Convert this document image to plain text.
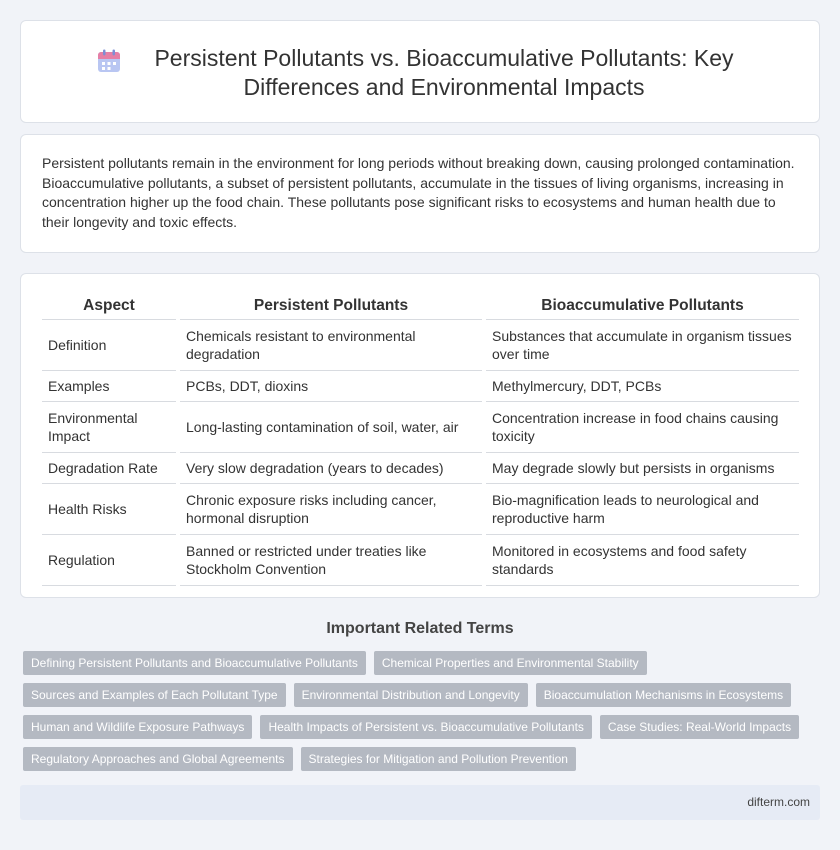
Persistent Pollutants vs. Bioaccumulative Pollutants: Key Differences and Environmental Impacts

Persistent pollutants remain in the environment for long periods without breaking down, causing prolonged contamination. Bioaccumulative pollutants, a subset of persistent pollutants, accumulate in the tissues of living organisms, increasing in concentration higher up the food chain. These pollutants pose significant risks to ecosystems and human health due to their longevity and toxic effects.

Aspect	Persistent Pollutants	Bioaccumulative Pollutants
Definition	Chemicals resistant to environmental degradation	Substances that accumulate in organism tissues over time
Examples	PCBs, DDT, dioxins	Methylmercury, DDT, PCBs
Environmental Impact	Long-lasting contamination of soil, water, air	Concentration increase in food chains causing toxicity
Degradation Rate	Very slow degradation (years to decades)	May degrade slowly but persists in organisms
Health Risks	Chronic exposure risks including cancer, hormonal disruption	Bio-magnification leads to neurological and reproductive harm
Regulation	Banned or restricted under treaties like Stockholm Convention	Monitored in ecosystems and food safety standards
Important Related Terms
Defining Persistent Pollutants and Bioaccumulative Pollutants	Chemical Properties and Environmental Stability
Sources and Examples of Each Pollutant Type	Environmental Distribution and Longevity	Bioaccumulation Mechanisms in Ecosystems
Human and Wildlife Exposure Pathways	Health Impacts of Persistent vs. Bioaccumulative Pollutants	Case Studies: Real-World Impacts
Regulatory Approaches and Global Agreements	Strategies for Mitigation and Pollution Prevention
difterm.com
